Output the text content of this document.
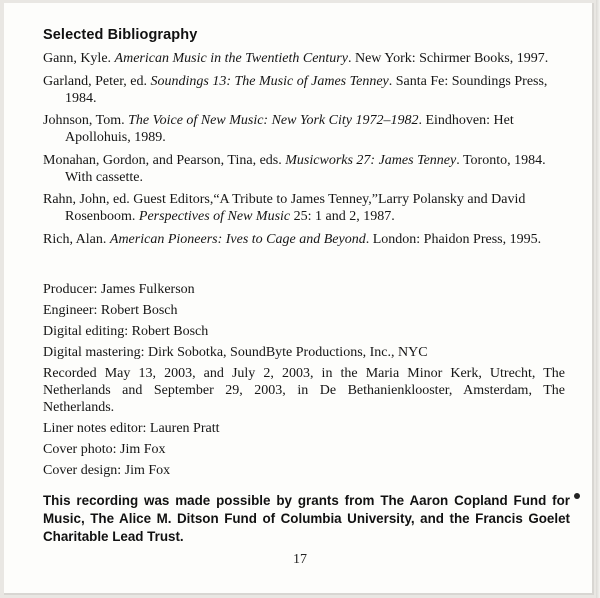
Selected Bibliography

Gann, Kyle. American Music in the Twentieth Century. New York: Schirmer Books, 1997.

Garland, Peter, ed. Soundings 13: The Music of James Tenney. Santa Fe: Soundings Press, 1984.

Johnson, Tom. The Voice of New Music: New York City 1972–1982. Eindhoven: Het Apollohuis, 1989.

Monahan, Gordon, and Pearson, Tina, eds. Musicworks 27: James Tenney. Toronto, 1984. With cassette.

Rahn, John, ed. Guest Editors,“A Tribute to James Tenney,”Larry Polansky and David Rosenboom. Perspectives of New Music 25: 1 and 2, 1987.

Rich, Alan. American Pioneers: Ives to Cage and Beyond. London: Phaidon Press, 1995.

Producer: James Fulkerson

Engineer: Robert Bosch

Digital editing: Robert Bosch

Digital mastering: Dirk Sobotka, SoundByte Productions, Inc., NYC

Recorded May 13, 2003, and July 2, 2003, in the Maria Minor Kerk, Utrecht, The Netherlands and September 29, 2003, in De Bethanienklooster, Amsterdam, The Netherlands.

Liner notes editor: Lauren Pratt

Cover photo: Jim Fox

Cover design: Jim Fox

This recording was made possible by grants from The Aaron Copland Fund for Music, The Alice M. Ditson Fund of Columbia University, and the Francis Goelet Charitable Lead Trust.
17
